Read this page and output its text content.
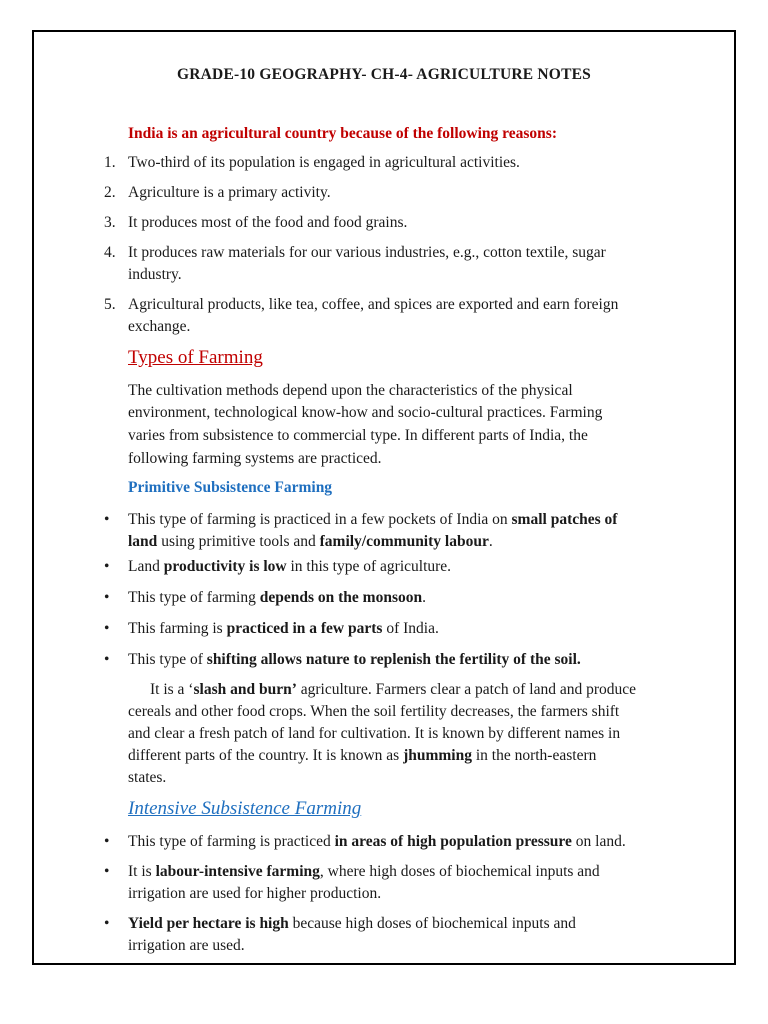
GRADE-10 GEOGRAPHY- CH-4- AGRICULTURE NOTES
India is an agricultural country because of the following reasons:
1. Two-third of its population is engaged in agricultural activities.
2. Agriculture is a primary activity.
3. It produces most of the food and food grains.
4. It produces raw materials for our various industries, e.g., cotton textile, sugar
industry.
5. Agricultural products, like tea, coffee, and spices are exported and earn foreign
exchange.
Types of Farming
The cultivation methods depend upon the characteristics of the physical
environment, technological know-how and socio-cultural practices. Farming
varies from subsistence to commercial type. In different parts of India, the
following farming systems are practiced.
Primitive Subsistence Farming
• This type of farming is practiced in a few pockets of India on small patches of
land using primitive tools and family/community labour.
• Land productivity is low in this type of agriculture.
• This type of farming depends on the monsoon.
• This farming is practiced in a few parts of India.
• This type of shifting allows nature to replenish the fertility of the soil.
It is a ‘slash and burn’ agriculture. Farmers clear a patch of land and produce
cereals and other food crops. When the soil fertility decreases, the farmers shift
and clear a fresh patch of land for cultivation. It is known by different names in
different parts of the country. It is known as jhumming in the north-eastern
states.
Intensive Subsistence Farming
• This type of farming is practiced in areas of high population pressure on land.
• It is labour-intensive farming, where high doses of biochemical inputs and
irrigation are used for higher production.
• Yield per hectare is high because high doses of biochemical inputs and
irrigation are used.
